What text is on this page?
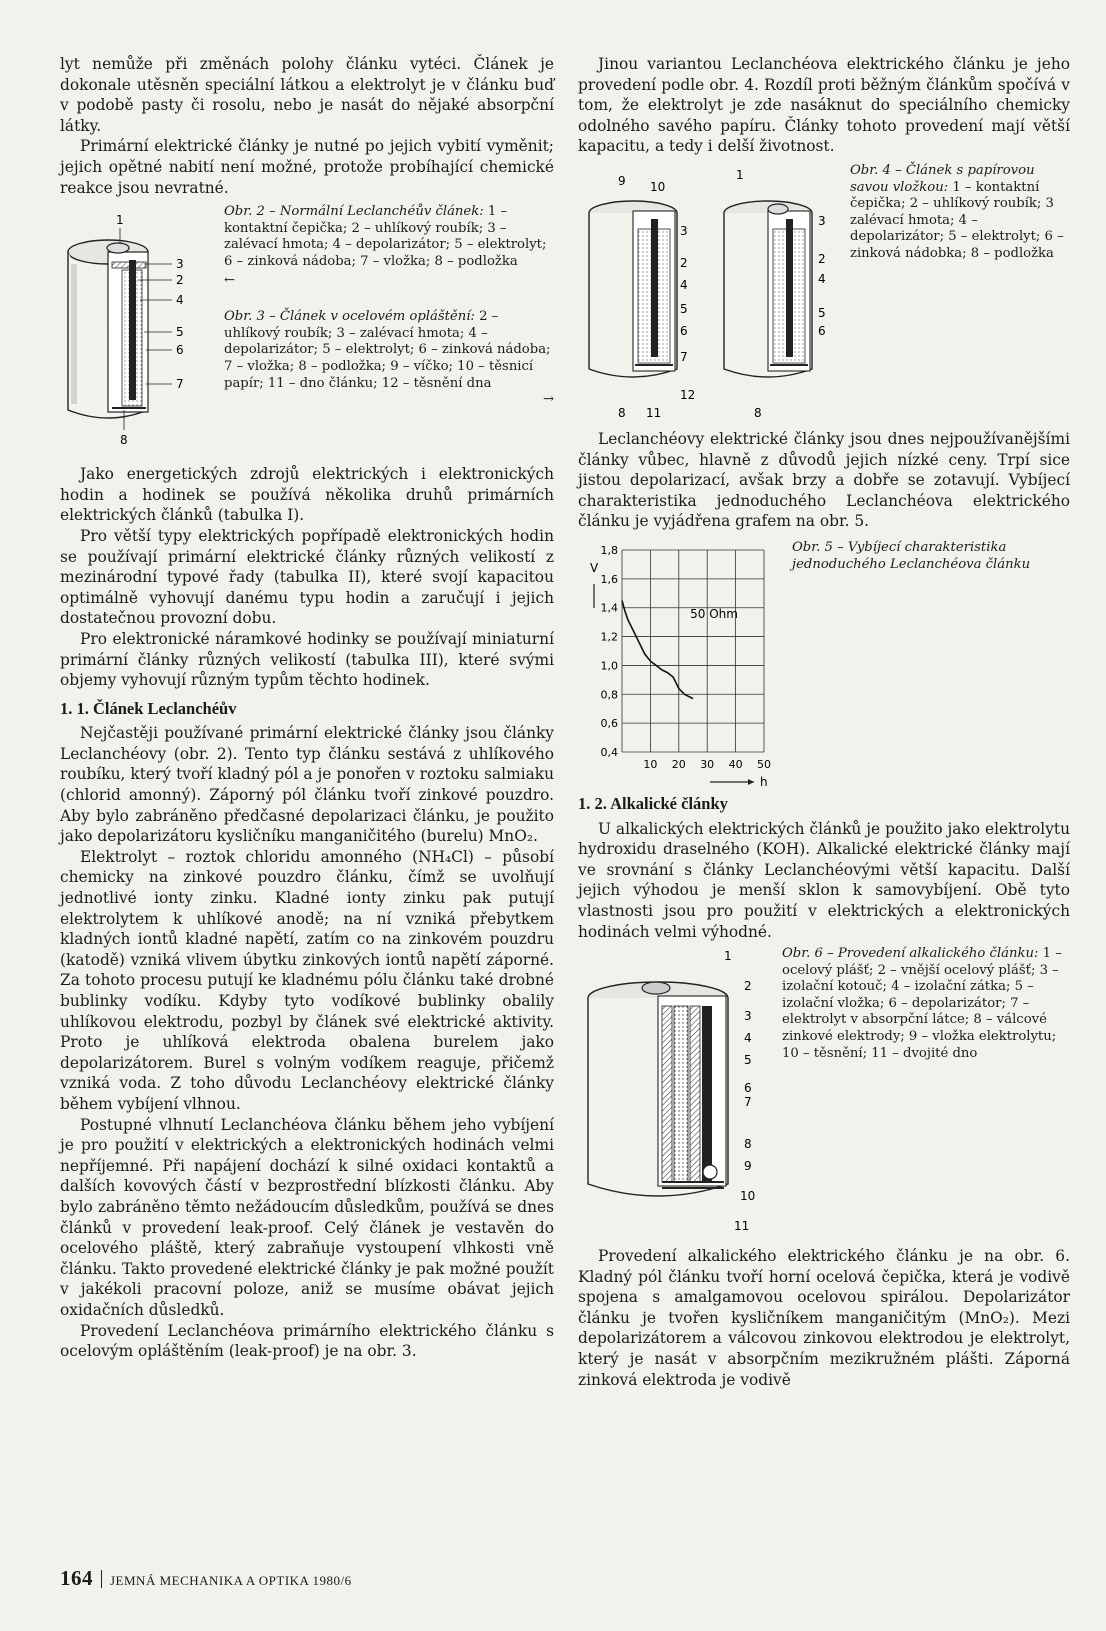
lyt nemůže při změnách polohy článku vytéci. Článek je dokonale utěsněn speciální látkou a elektrolyt je v článku buď v podobě pasty či rosolu, nebo je nasát do nějaké absorpční látky.

Primární elektrické články je nutné po jejich vybití vyměnit; jejich opětné nabití není možné, protože probíhající chemické reakce jsou nevratné.

1
3
2
4
5
6
7
8
Obr. 2 – Normální Leclanchéův článek: 1 – kontaktní čepička; 2 – uhlíkový roubík; 3 – zalévací hmota; 4 – depolarizátor; 5 – elektrolyt; 6 – zinková nádoba; 7 – vložka; 8 – podložka
←
Obr. 3 – Článek v ocelovém opláštění: 2 – uhlíkový roubík; 3 – zalévací hmota; 4 – depolarizátor; 5 – elektrolyt; 6 – zinková nádoba; 7 – vložka; 8 – podložka; 9 – víčko; 10 – těsnicí papír; 11 – dno článku; 12 – těsnění dna
→

Jako energetických zdrojů elektrických i elektronických hodin a hodinek se používá několika druhů primárních elektrických článků (tabulka I).

Pro větší typy elektrických popřípadě elektronických hodin se používají primární elektrické články různých velikostí z mezinárodní typové řady (tabulka II), které svojí kapacitou optimálně vyhovují danému typu hodin a zaručují i jejich dostatečnou provozní dobu.

Pro elektronické náramkové hodinky se používají miniaturní primární články různých velikostí (tabulka III), které svými objemy vyhovují různým typům těchto hodinek.

1. 1. Článek Leclanchéův

Nejčastěji používané primární elektrické články jsou články Leclanchéovy (obr. 2). Tento typ článku sestává z uhlíkového roubíku, který tvoří kladný pól a je ponořen v roztoku salmiaku (chlorid amonný). Záporný pól článku tvoří zinkové pouzdro. Aby bylo zabráněno předčasné depolarizaci článku, je použito jako depolarizátoru kysličníku manganičitého (burelu) MnO₂.

Elektrolyt – roztok chloridu amonného (NH₄Cl) – působí chemicky na zinkové pouzdro článku, čímž se uvolňují jednotlivé ionty zinku. Kladné ionty zinku pak putují elektrolytem k uhlíkové anodě; na ní vzniká přebytkem kladných iontů kladné napětí, zatím co na zinkovém pouzdru (katodě) vzniká vlivem úbytku zinkových iontů napětí záporné. Za tohoto procesu putují ke kladnému pólu článku také drobné bublinky vodíku. Kdyby tyto vodíkové bublinky obalily uhlíkovou elektrodu, pozbyl by článek své elektrické aktivity. Proto je uhlíková elektroda obalena burelem jako depolarizátorem. Burel s volným vodíkem reaguje, přičemž vzniká voda. Z toho důvodu Leclanchéovy elektrické články během vybíjení vlhnou.

Postupné vlhnutí Leclanchéova článku během jeho vybíjení je pro použití v elektrických a elektronických hodinách velmi nepříjemné. Při napájení dochází k silné oxidaci kontaktů a dalších kovových částí v bezprostřední blízkosti článku. Aby bylo zabráněno těmto nežádoucím důsledkům, používá se dnes článků v provedení leak-proof. Celý článek je vestavěn do ocelového pláště, který zabraňuje vystoupení vlhkosti vně článku. Takto provedené elektrické články je pak možné použít v jakékoli pracovní poloze, aniž se musíme obávat jejich oxidačních důsledků.

Provedení Leclanchéova primárního elektrického článku s ocelovým opláštěním (leak-proof) je na obr. 3.

Jinou variantou Leclanchéova elektrického článku je jeho provedení podle obr. 4. Rozdíl proti běžným článkům spočívá v tom, že elektrolyt je zde nasáknut do speciálního chemicky odolného savého papíru. Články tohoto provedení mají větší kapacitu, a tedy i delší životnost.

9 10
3
2
4
5
6
7
12
8 11
1
3
2
4
5
6
8
Obr. 4 – Článek s papírovou savou vložkou: 1 – kontaktní čepička; 2 – uhlíkový roubík; 3 zalévací hmota; 4 – depolarizátor; 5 – elektrolyt; 6 – zinková nádobka; 8 – podložka

Leclanchéovy elektrické články jsou dnes nejpoužívanějšími články vůbec, hlavně z důvodů jejich nízké ceny. Trpí sice jistou depolarizací, avšak brzy a dobře se zotavují. Vybíjecí charakteristika jednoduchého Leclanchéova elektrického článku je vyjádřena grafem na obr. 5.

0,4
0,6
0,8
1,0
1,2
1,4
1,6
1,8
10 20 30 40 50
V
h
50 Ohm
Obr. 5 – Vybíjecí charakteristika jednoduchého Leclanchéova článku
1. 2. Alkalické články

U alkalických elektrických článků je použito jako elektrolytu hydroxidu draselného (KOH). Alkalické elektrické články mají ve srovnání s články Leclanchéovými větší kapacitu. Další jejich výhodou je menší sklon k samovybíjení. Obě tyto vlastnosti jsou pro použití v elektrických a elektronických hodinách velmi výhodné.

1
2
3
4
5
6
7
8
9
10
11
Obr. 6 – Provedení alkalického článku: 1 – ocelový plášť; 2 – vnější ocelový plášť; 3 – izolační kotouč; 4 – izolační zátka; 5 – izolační vložka; 6 – depolarizátor; 7 – elektrolyt v absorpční látce; 8 – válcové zinkové elektrody; 9 – vložka elektrolytu; 10 – těsnění; 11 – dvojité dno

Provedení alkalického elektrického článku je na obr. 6. Kladný pól článku tvoří horní ocelová čepička, která je vodivě spojena s amalgamovou ocelovou spirálou. Depolarizátor článku je tvořen kysličníkem manganičitým (MnO₂). Mezi depolarizátorem a válcovou zinkovou elektrodou je elektrolyt, který je nasát v absorpčním mezikružném plášti. Záporná zinková elektroda je vodivě

164 JEMNÁ MECHANIKA A OPTIKA 1980/6
